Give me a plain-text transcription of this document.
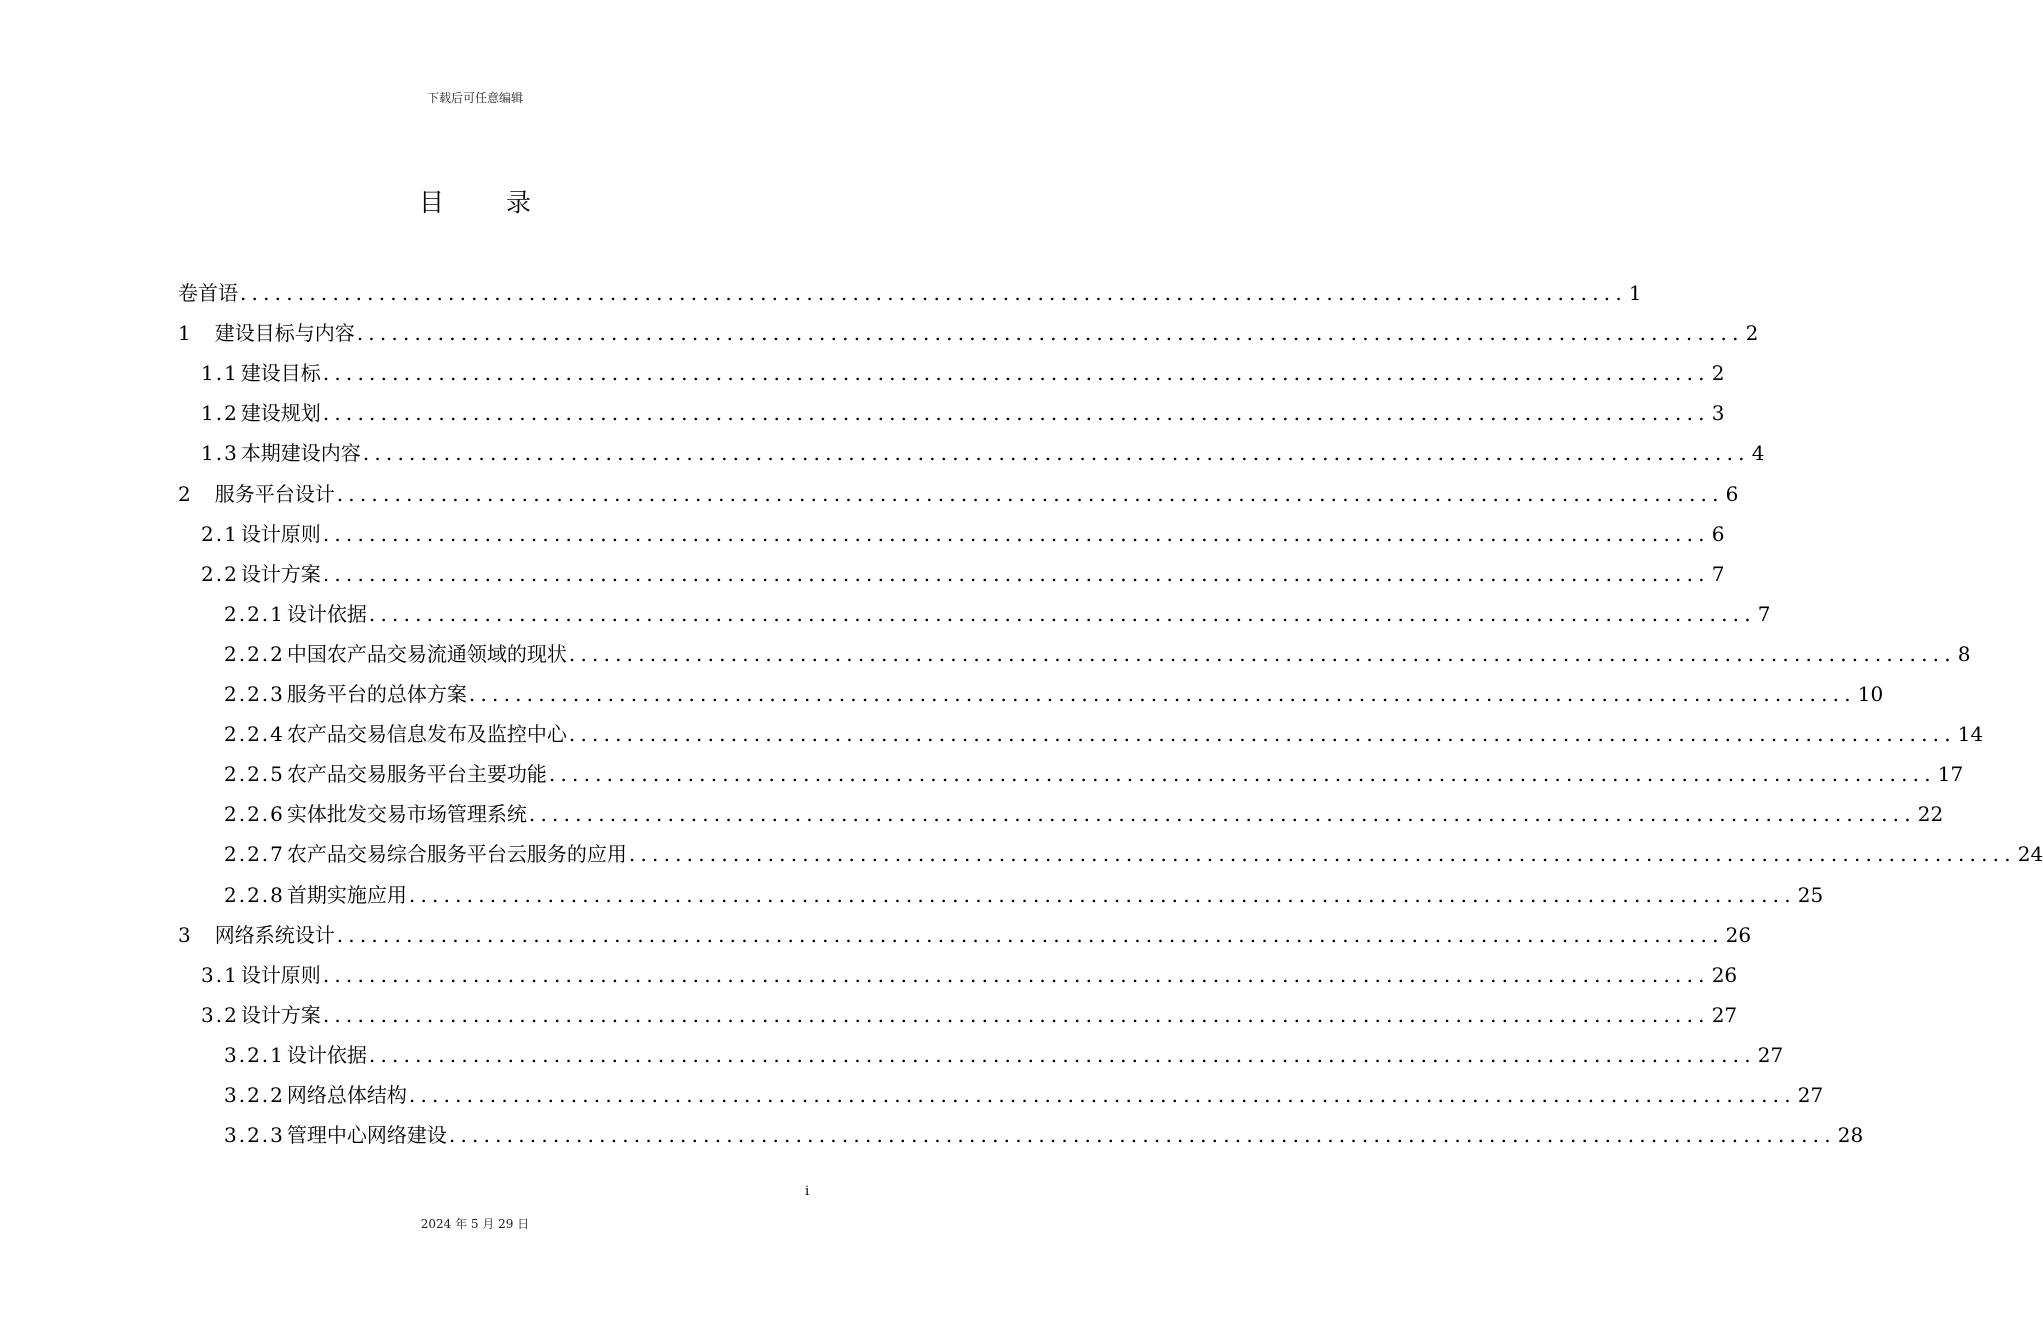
下载后可任意编辑
目录
卷首语 ........................................................................................................................ 1
1 建设目标与内容 ........................................................................................................................ 2
1.1 建设目标 ........................................................................................................................ 2
1.2 建设规划 ........................................................................................................................ 3
1.3 本期建设内容 ........................................................................................................................ 4
2 服务平台设计 ........................................................................................................................ 6
2.1 设计原则 ........................................................................................................................ 6
2.2 设计方案 ........................................................................................................................ 7
2.2.1 设计依据 ........................................................................................................................ 7
2.2.2 中国农产品交易流通领域的现状 ........................................................................................................................ 8
2.2.3 服务平台的总体方案 ........................................................................................................................ 10
2.2.4 农产品交易信息发布及监控中心 ........................................................................................................................ 14
2.2.5 农产品交易服务平台主要功能 ........................................................................................................................ 17
2.2.6 实体批发交易市场管理系统 ........................................................................................................................ 22
2.2.7 农产品交易综合服务平台云服务的应用 ........................................................................................................................ 24
2.2.8 首期实施应用 ........................................................................................................................ 25
3 网络系统设计 ........................................................................................................................ 26
3.1 设计原则 ........................................................................................................................ 26
3.2 设计方案 ........................................................................................................................ 27
3.2.1 设计依据 ........................................................................................................................ 27
3.2.2 网络总体结构 ........................................................................................................................ 27
3.2.3 管理中心网络建设 ........................................................................................................................ 28
i
2024 年 5 月 29 日
